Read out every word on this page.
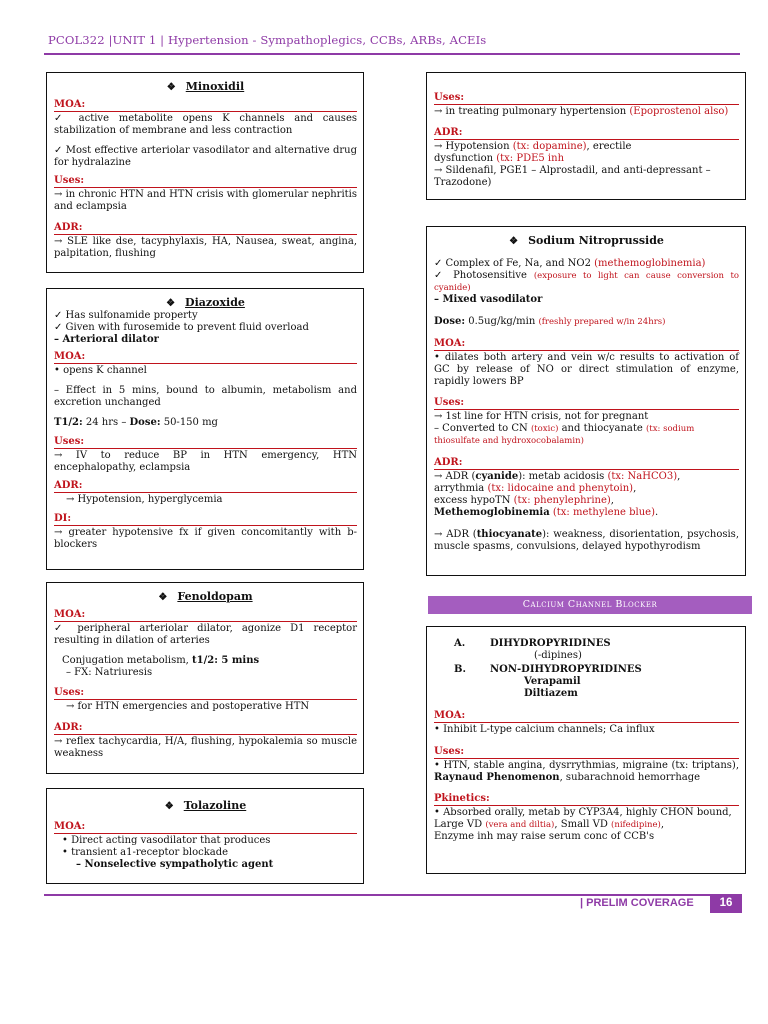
PCOL322 |UNIT 1 | Hypertension - Sympathoplegics, CCBs, ARBs, ACEIs
❖ Minoxidil
MOA:

✓ active metabolite opens K channels and causes stabilization of membrane and less contraction

✓ Most effective arteriolar vasodilator and alternative drug for hydralazine

Uses:

→ in chronic HTN and HTN crisis with glomerular nephritis and eclampsia

ADR:

→ SLE like dse, tacyphylaxis, HA, Nausea, sweat, angina, palpitation, flushing

❖ Diazoxide

✓ Has sulfonamide property

✓ Given with furosemide to prevent fluid overload

– Arterioral dilator

MOA:

• opens K channel

– Effect in 5 mins, bound to albumin, metabolism and excretion unchanged

T1/2: 24 hrs – Dose: 50-150 mg

Uses:

→ IV to reduce BP in HTN emergency, HTN encephalopathy, eclampsia

ADR:

→ Hypotension, hyperglycemia

DI:

→ greater hypotensive fx if given concomitantly with b-blockers

❖ Fenoldopam
MOA:

✓ peripheral arteriolar dilator, agonize D1 receptor resulting in dilation of arteries

Conjugation metabolism, t1/2: 5 mins

– FX: Natriuresis

Uses:

→ for HTN emergencies and postoperative HTN

ADR:

→ reflex tachycardia, H/A, flushing, hypokalemia so muscle weakness

❖ Tolazoline
MOA:

• Direct acting vasodilator that produces

• transient a1-receptor blockade

– Nonselective sympatholytic agent

Uses:

→ in treating pulmonary hypertension (Epoprostenol also)

ADR:

→ Hypotension (tx: dopamine), erectile

dysfunction (tx: PDE5 inh

→ Sildenafil, PGE1 – Alprostadil, and anti-depressant – Trazodone)

❖ Sodium Nitroprusside

✓ Complex of Fe, Na, and NO2 (methemoglobinemia)

✓ Photosensitive (exposure to light can cause conversion to cyanide)

– Mixed vasodilator

Dose: 0.5ug/kg/min (freshly prepared w/in 24hrs)

MOA:

• dilates both artery and vein w/c results to activation of GC by release of NO or direct stimulation of enzyme, rapidly lowers BP

Uses:

→ 1st line for HTN crisis, not for pregnant

– Converted to CN (toxic) and thiocyanate (tx: sodium thiosulfate and hydroxocobalamin)

ADR:

→ ADR (cyanide): metab acidosis (tx: NaHCO3),

arrythmia (tx: lidocaine and phenytoin),

excess hypoTN (tx: phenylephrine),

Methemoglobinemia (tx: methylene blue).

→ ADR (thiocyanate): weakness, disorientation, psychosis, muscle spasms, convulsions, delayed hypothyrodism

Calcium Channel Blocker
A.	DIHYDROPYRIDINES

(-dipines)

B.	NON-DIHYDROPYRIDINES

Verapamil

Diltiazem

MOA:

• Inhibit L-type calcium channels; Ca influx

Uses:

• HTN, stable angina, dysrrythmias, migraine (tx: triptans), Raynaud Phenomenon, subarachnoid hemorrhage

Pkinetics:

• Absorbed orally, metab by CYP3A4, highly CHON bound,

Large VD (vera and diltia), Small VD (nifedipine),

Enzyme inh may raise serum conc of CCB's

| PRELIM COVERAGE	16
